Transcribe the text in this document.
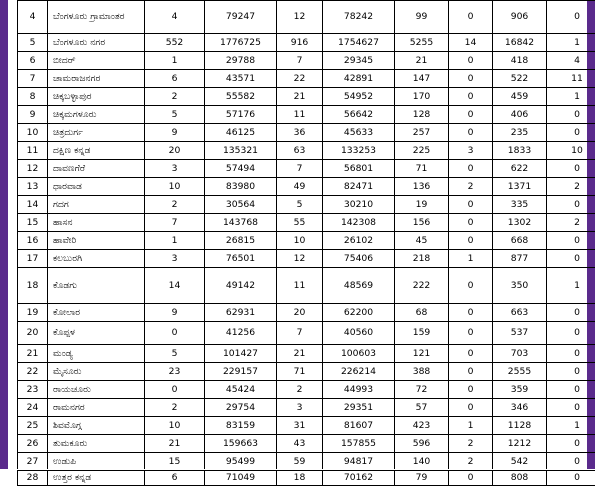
4	ಬೆಂಗಳೂರು ಗ್ರಾಮಾಂತರ	4	79247	12	78242	99	0	906	0
5	ಬೆಂಗಳೂರು ನಗರ	552	1776725	916	1754627	5255	14	16842	1
6	ಬೀದರ್	1	29788	7	29345	21	0	418	4
7	ಚಾಮರಾಜನಗರ	6	43571	22	42891	147	0	522	11
8	ಚಿಕ್ಕಬಳ್ಳಾಪುರ	2	55582	21	54952	170	0	459	1
9	ಚಿಕ್ಕಮಗಳೂರು	5	57176	11	56642	128	0	406	0
10	ಚಿತ್ರದುರ್ಗ	9	46125	36	45633	257	0	235	0
11	ದಕ್ಷಿಣ ಕನ್ನಡ	20	135321	63	133253	225	3	1833	10
12	ದಾವಣಗೆರೆ	3	57494	7	56801	71	0	622	0
13	ಧಾರವಾಡ	10	83980	49	82471	136	2	1371	2
14	ಗದಗ	2	30564	5	30210	19	0	335	0
15	ಹಾಸನ	7	143768	55	142308	156	0	1302	2
16	ಹಾವೇರಿ	1	26815	10	26102	45	0	668	0
17	ಕಲಬುರಗಿ	3	76501	12	75406	218	1	877	0
18	ಕೊಡಗು	14	49142	11	48569	222	0	350	1
19	ಕೋಲಾರ	9	62931	20	62200	68	0	663	0
20	ಕೊಪ್ಪಳ	0	41256	7	40560	159	0	537	0
21	ಮಂಡ್ಯ	5	101427	21	100603	121	0	703	0
22	ಮೈಸೂರು	23	229157	71	226214	388	0	2555	0
23	ರಾಯಚೂರು	0	45424	2	44993	72	0	359	0
24	ರಾಮನಗರ	2	29754	3	29351	57	0	346	0
25	ಶಿವಮೊಗ್ಗ	10	83159	31	81607	423	1	1128	1
26	ತುಮಕೂರು	21	159663	43	157855	596	2	1212	0
27	ಉಡುಪಿ	15	95499	59	94817	140	2	542	0
28	ಉತ್ತರ ಕನ್ನಡ	6	71049	18	70162	79	0	808	0
